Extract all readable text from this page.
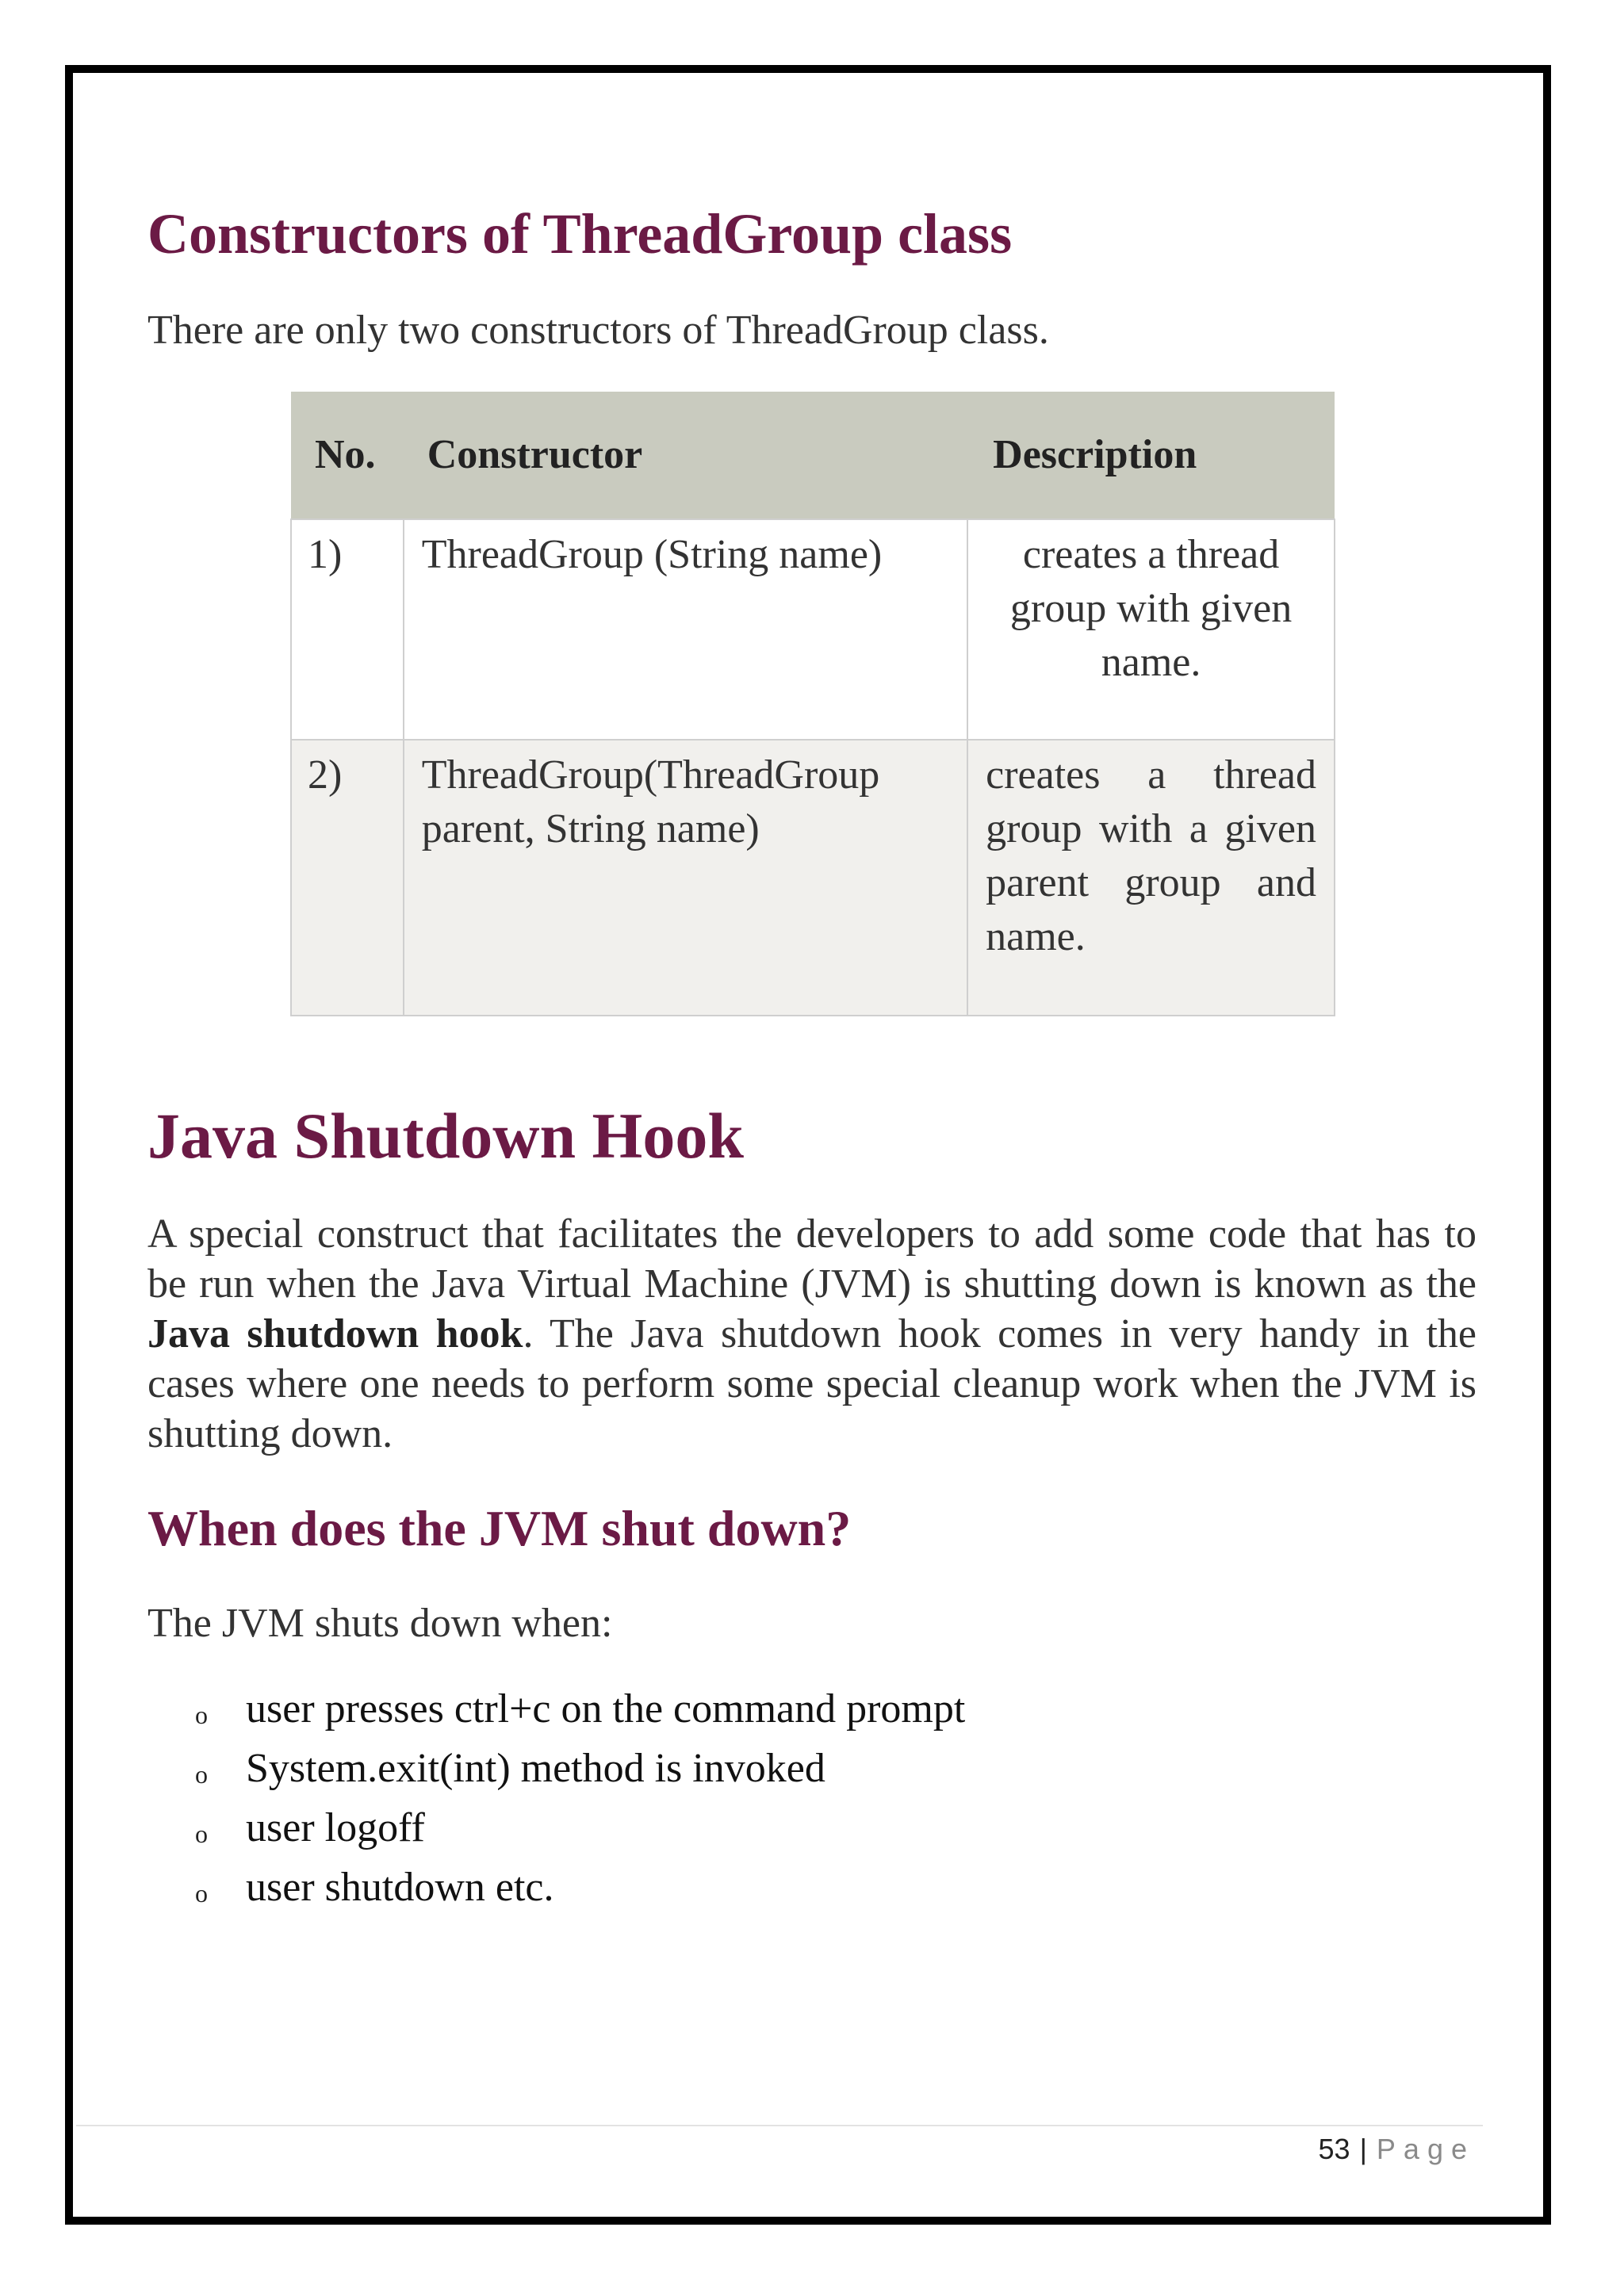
Constructors of ThreadGroup class

There are only two constructors of ThreadGroup class.

Java Shutdown Hook

A special construct that facilitates the developers to add some code that has to be run when the Java Virtual Machine (JVM) is shutting down is known as the Java shutdown hook. The Java shutdown hook comes in very handy in the cases where one needs to perform some special cleanup work when the JVM is shutting down.

When does the JVM shut down?

The JVM shuts down when:

o user presses ctrl+c on the command prompt
o System.exit(int) method is invoked
o user logoff
o user shutdown etc.
No.	Constructor	Description
1)	ThreadGroup (String name)	creates a thread group with given name.
2)	ThreadGroup(ThreadGroup parent, String name)	creates a thread group with a given parent group and name.
53 | Page
